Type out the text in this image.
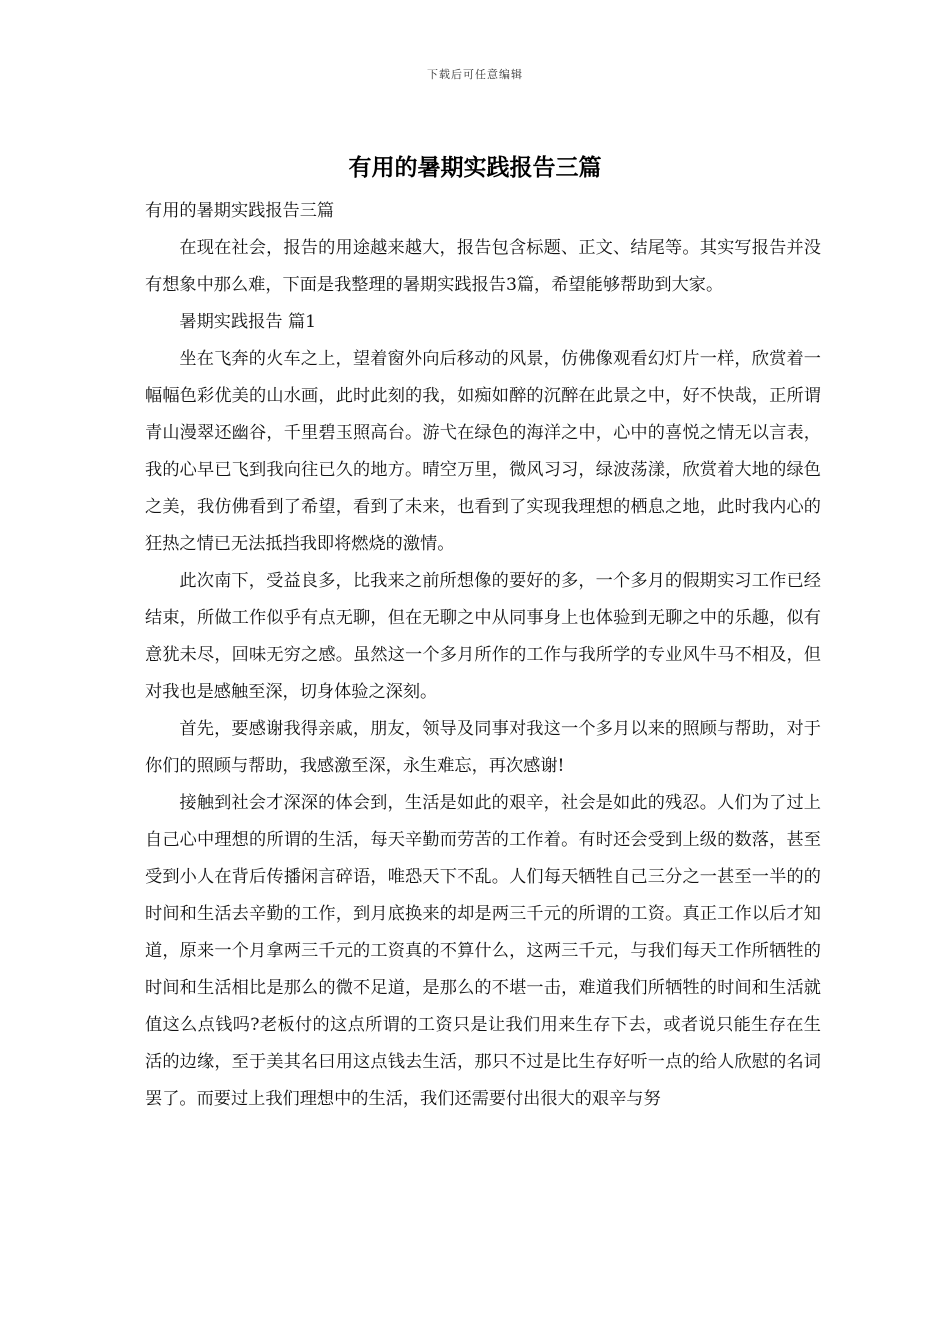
下载后可任意编辑
有用的暑期实践报告三篇

有用的暑期实践报告三篇

在现在社会，报告的用途越来越大，报告包含标题、正文、结尾等。其实写报告并没有想象中那么难，下面是我整理的暑期实践报告3篇，希望能够帮助到大家。

暑期实践报告 篇1

坐在飞奔的火车之上，望着窗外向后移动的风景，仿佛像观看幻灯片一样，欣赏着一幅幅色彩优美的山水画，此时此刻的我，如痴如醉的沉醉在此景之中，好不快哉，正所谓青山漫翠还幽谷，千里碧玉照高台。游弋在绿色的海洋之中，心中的喜悦之情无以言表，我的心早已飞到我向往已久的地方。晴空万里，微风习习，绿波荡漾，欣赏着大地的绿色之美，我仿佛看到了希望，看到了未来，也看到了实现我理想的栖息之地，此时我内心的狂热之情已无法抵挡我即将燃烧的激情。

此次南下，受益良多，比我来之前所想像的要好的多，一个多月的假期实习工作已经结束，所做工作似乎有点无聊，但在无聊之中从同事身上也体验到无聊之中的乐趣，似有意犹未尽，回味无穷之感。虽然这一个多月所作的工作与我所学的专业风牛马不相及，但对我也是感触至深，切身体验之深刻。

首先，要感谢我得亲戚，朋友，领导及同事对我这一个多月以来的照顾与帮助，对于你们的照顾与帮助，我感激至深，永生难忘，再次感谢!

接触到社会才深深的体会到，生活是如此的艰辛，社会是如此的残忍。人们为了过上自己心中理想的所谓的生活，每天辛勤而劳苦的工作着。有时还会受到上级的数落，甚至受到小人在背后传播闲言碎语，唯恐天下不乱。人们每天牺牲自己三分之一甚至一半的的时间和生活去辛勤的工作，到月底换来的却是两三千元的所谓的工资。真正工作以后才知道，原来一个月拿两三千元的工资真的不算什么，这两三千元，与我们每天工作所牺牲的时间和生活相比是那么的微不足道，是那么的不堪一击，难道我们所牺牲的时间和生活就值这么点钱吗?老板付的这点所谓的工资只是让我们用来生存下去，或者说只能生存在生活的边缘，至于美其名曰用这点钱去生活，那只不过是比生存好听一点的给人欣慰的名词罢了。而要过上我们理想中的生活，我们还需要付出很大的艰辛与努
